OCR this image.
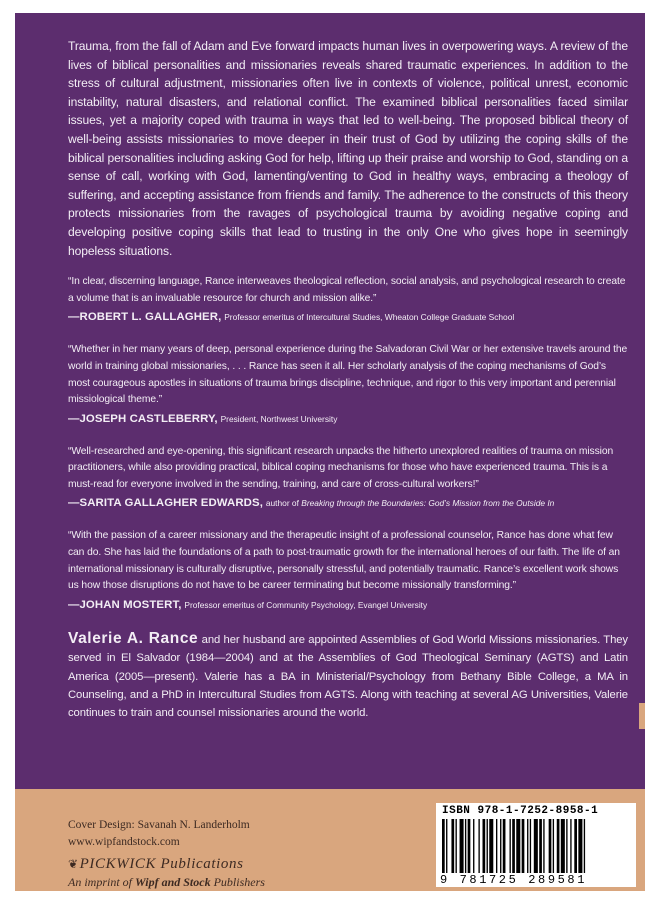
Trauma, from the fall of Adam and Eve forward impacts human lives in overpowering ways. A review of the lives of biblical personalities and missionaries reveals shared traumatic experiences. In addition to the stress of cultural adjustment, missionaries often live in contexts of violence, political unrest, economic instability, natural disasters, and relational conflict. The examined biblical personalities faced similar issues, yet a majority coped with trauma in ways that led to well-being. The proposed biblical theory of well-being assists missionaries to move deeper in their trust of God by utilizing the coping skills of the biblical personalities including asking God for help, lifting up their praise and worship to God, standing on a sense of call, working with God, lamenting/venting to God in healthy ways, embracing a theology of suffering, and accepting assistance from friends and family. The adherence to the constructs of this theory protects missionaries from the ravages of psychological trauma by avoiding negative coping and developing positive coping skills that lead to trusting in the only One who gives hope in seemingly hopeless situations.

“In clear, discerning language, Rance interweaves theological reflection, social analysis, and psychological research to create a volume that is an invaluable resource for church and mission alike.”
—ROBERT L. GALLAGHER, Professor emeritus of Intercultural Studies, Wheaton College Graduate School
“Whether in her many years of deep, personal experience during the Salvadoran Civil War or her extensive travels around the world in training global missionaries, . . . Rance has seen it all. Her scholarly analysis of the coping mechanisms of God’s most courageous apostles in situations of trauma brings discipline, technique, and rigor to this very important and perennial missiological theme.”
—JOSEPH CASTLEBERRY, President, Northwest University
“Well-researched and eye-opening, this significant research unpacks the hitherto unexplored realities of trauma on mission practitioners, while also providing practical, biblical coping mechanisms for those who have experienced trauma. This is a must-read for everyone involved in the sending, training, and care of cross-cultural workers!”
—SARITA GALLAGHER EDWARDS, author of Breaking through the Boundaries: God’s Mission from the Outside In
“With the passion of a career missionary and the therapeutic insight of a professional counselor, Rance has done what few can do. She has laid the foundations of a path to post-traumatic growth for the international heroes of our faith. The life of an international missionary is culturally disruptive, personally stressful, and potentially traumatic. Rance’s excellent work shows us how those disruptions do not have to be career terminating but become missionally transforming.”
—JOHAN MOSTERT, Professor emeritus of Community Psychology, Evangel University
Valerie A. Rance and her husband are appointed Assemblies of God World Missions missionaries. They served in El Salvador (1984—2004) and at the Assemblies of God Theological Seminary (AGTS) and Latin America (2005—present). Valerie has a BA in Ministerial/Psychology from Bethany Bible College, a MA in Counseling, and a PhD in Intercultural Studies from AGTS. Along with teaching at several AG Universities, Valerie continues to train and counsel missionaries around the world.
Cover Design: Savanah N. Landerholm
www.wipfandstock.com
❦PICKWICK Publications
An imprint of Wipf and Stock Publishers
ISBN 978-1-7252-8958-1
9 781725 289581
